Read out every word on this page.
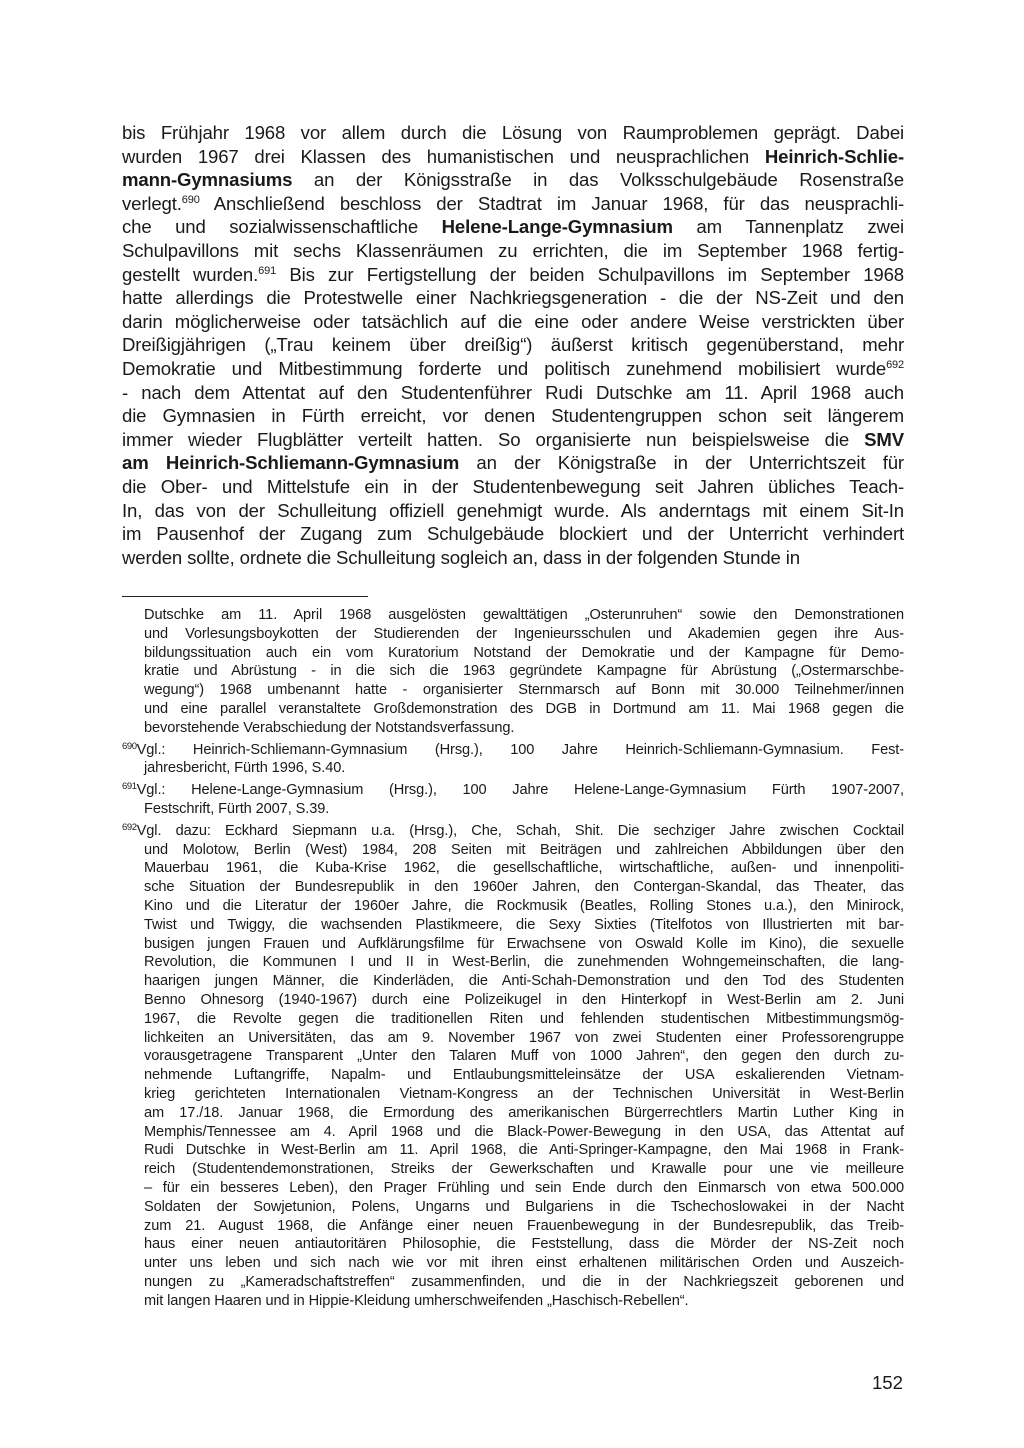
bis Frühjahr 1968 vor allem durch die Lösung von Raumproblemen geprägt. Dabei
wurden 1967 drei Klassen des humanistischen und neusprachlichen Heinrich-Schlie-
mann-Gymnasiums an der Königsstraße in das Volksschulgebäude Rosenstraße
verlegt.$^{690}$ Anschließend beschloss der Stadtrat im Januar 1968, für das neusprachli-
che und sozialwissenschaftliche Helene-Lange-Gymnasium am Tannenplatz zwei
Schulpavillons mit sechs Klassenräumen zu errichten, die im September 1968 fertig-
gestellt wurden.$^{691}$ Bis zur Fertigstellung der beiden Schulpavillons im September 1968
hatte allerdings die Protestwelle einer Nachkriegsgeneration - die der NS-Zeit und den
darin möglicherweise oder tatsächlich auf die eine oder andere Weise verstrickten über
Dreißigjährigen („Trau keinem über dreißig“) äußerst kritisch gegenüberstand, mehr
Demokratie und Mitbestimmung forderte und politisch zunehmend mobilisiert wurde$^{692}$
- nach dem Attentat auf den Studentenführer Rudi Dutschke am 11. April 1968 auch
die Gymnasien in Fürth erreicht, vor denen Studentengruppen schon seit längerem
immer wieder Flugblätter verteilt hatten. So organisierte nun beispielsweise die SMV
am Heinrich-Schliemann-Gymnasium an der Königstraße in der Unterrichtszeit für
die Ober- und Mittelstufe ein in der Studentenbewegung seit Jahren übliches Teach-
In, das von der Schulleitung offiziell genehmigt wurde. Als anderntags mit einem Sit-In
im Pausenhof der Zugang zum Schulgebäude blockiert und der Unterricht verhindert
werden sollte, ordnete die Schulleitung sogleich an, dass in der folgenden Stunde in
Dutschke am 11. April 1968 ausgelösten gewalttätigen „Osterunruhen“ sowie den Demonstrationen
und Vorlesungsboykotten der Studierenden der Ingenieursschulen und Akademien gegen ihre Aus-
bildungssituation auch ein vom Kuratorium Notstand der Demokratie und der Kampagne für Demo-
kratie und Abrüstung - in die sich die 1963 gegründete Kampagne für Abrüstung („Ostermarschbe-
wegung“) 1968 umbenannt hatte - organisierter Sternmarsch auf Bonn mit 30.000 Teilnehmer/innen
und eine parallel veranstaltete Großdemonstration des DGB in Dortmund am 11. Mai 1968 gegen die
bevorstehende Verabschiedung der Notstandsverfassung.
$^{690}$Vgl.: Heinrich-Schliemann-Gymnasium (Hrsg.), 100 Jahre Heinrich-Schliemann-Gymnasium. Fest-
jahresbericht, Fürth 1996, S.40.
$^{691}$Vgl.: Helene-Lange-Gymnasium (Hrsg.), 100 Jahre Helene-Lange-Gymnasium Fürth 1907-2007,
Festschrift, Fürth 2007, S.39.
$^{692}$Vgl. dazu: Eckhard Siepmann u.a. (Hrsg.), Che, Schah, Shit. Die sechziger Jahre zwischen Cocktail
und Molotow, Berlin (West) 1984, 208 Seiten mit Beiträgen und zahlreichen Abbildungen über den
Mauerbau 1961, die Kuba-Krise 1962, die gesellschaftliche, wirtschaftliche, außen- und innenpoliti-
sche Situation der Bundesrepublik in den 1960er Jahren, den Contergan-Skandal, das Theater, das
Kino und die Literatur der 1960er Jahre, die Rockmusik (Beatles, Rolling Stones u.a.), den Minirock,
Twist und Twiggy, die wachsenden Plastikmeere, die Sexy Sixties (Titelfotos von Illustrierten mit bar-
busigen jungen Frauen und Aufklärungsfilme für Erwachsene von Oswald Kolle im Kino), die sexuelle
Revolution, die Kommunen I und II in West-Berlin, die zunehmenden Wohngemeinschaften, die lang-
haarigen jungen Männer, die Kinderläden, die Anti-Schah-Demonstration und den Tod des Studenten
Benno Ohnesorg (1940-1967) durch eine Polizeikugel in den Hinterkopf in West-Berlin am 2. Juni
1967, die Revolte gegen die traditionellen Riten und fehlenden studentischen Mitbestimmungsmög-
lichkeiten an Universitäten, das am 9. November 1967 von zwei Studenten einer Professorengruppe
vorausgetragene Transparent „Unter den Talaren Muff von 1000 Jahren“, den gegen den durch zu-
nehmende Luftangriffe, Napalm- und Entlaubungsmitteleinsätze der USA eskalierenden Vietnam-
krieg gerichteten Internationalen Vietnam-Kongress an der Technischen Universität in West-Berlin
am 17./18. Januar 1968, die Ermordung des amerikanischen Bürgerrechtlers Martin Luther King in
Memphis/Tennessee am 4. April 1968 und die Black-Power-Bewegung in den USA, das Attentat auf
Rudi Dutschke in West-Berlin am 11. April 1968, die Anti-Springer-Kampagne, den Mai 1968 in Frank-
reich (Studentendemonstrationen, Streiks der Gewerkschaften und Krawalle pour une vie meilleure
– für ein besseres Leben), den Prager Frühling und sein Ende durch den Einmarsch von etwa 500.000
Soldaten der Sowjetunion, Polens, Ungarns und Bulgariens in die Tschechoslowakei in der Nacht
zum 21. August 1968, die Anfänge einer neuen Frauenbewegung in der Bundesrepublik, das Treib-
haus einer neuen antiautoritären Philosophie, die Feststellung, dass die Mörder der NS-Zeit noch
unter uns leben und sich nach wie vor mit ihren einst erhaltenen militärischen Orden und Auszeich-
nungen zu „Kameradschaftstreffen“ zusammenfinden, und die in der Nachkriegszeit geborenen und
mit langen Haaren und in Hippie-Kleidung umherschweifenden „Haschisch-Rebellen“.
152
